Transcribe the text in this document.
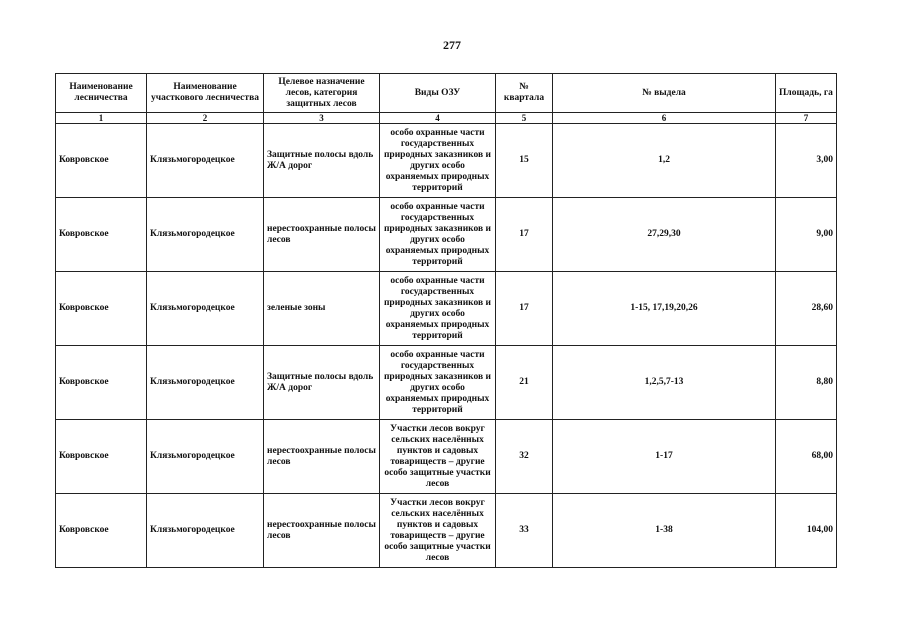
277
Наименование лесничества	Наименование участкового лесничества	Целевое назначение лесов, категория защитных лесов	Виды ОЗУ	№ квартала	№ выдела	Площадь, га
1	2	3	4	5	6	7
Ковровское	Клязьмогородецкое	Защитные полосы вдоль Ж/А дорог	особо охранные части государственных природных заказников и других особо охраняемых природных территорий	15	1,2	3,00
Ковровское	Клязьмогородецкое	нерестоохранные полосы лесов	особо охранные части государственных природных заказников и других особо охраняемых природных территорий	17	27,29,30	9,00
Ковровское	Клязьмогородецкое	зеленые зоны	особо охранные части государственных природных заказников и других особо охраняемых природных территорий	17	1-15, 17,19,20,26	28,60
Ковровское	Клязьмогородецкое	Защитные полосы вдоль Ж/А дорог	особо охранные части государственных природных заказников и других особо охраняемых природных территорий	21	1,2,5,7-13	8,80
Ковровское	Клязьмогородецкое	нерестоохранные полосы лесов	Участки лесов вокруг сельских населённых пунктов и садовых товариществ – другие особо защитные участки лесов	32	1-17	68,00
Ковровское	Клязьмогородецкое	нерестоохранные полосы лесов	Участки лесов вокруг сельских населённых пунктов и садовых товариществ – другие особо защитные участки лесов	33	1-38	104,00
